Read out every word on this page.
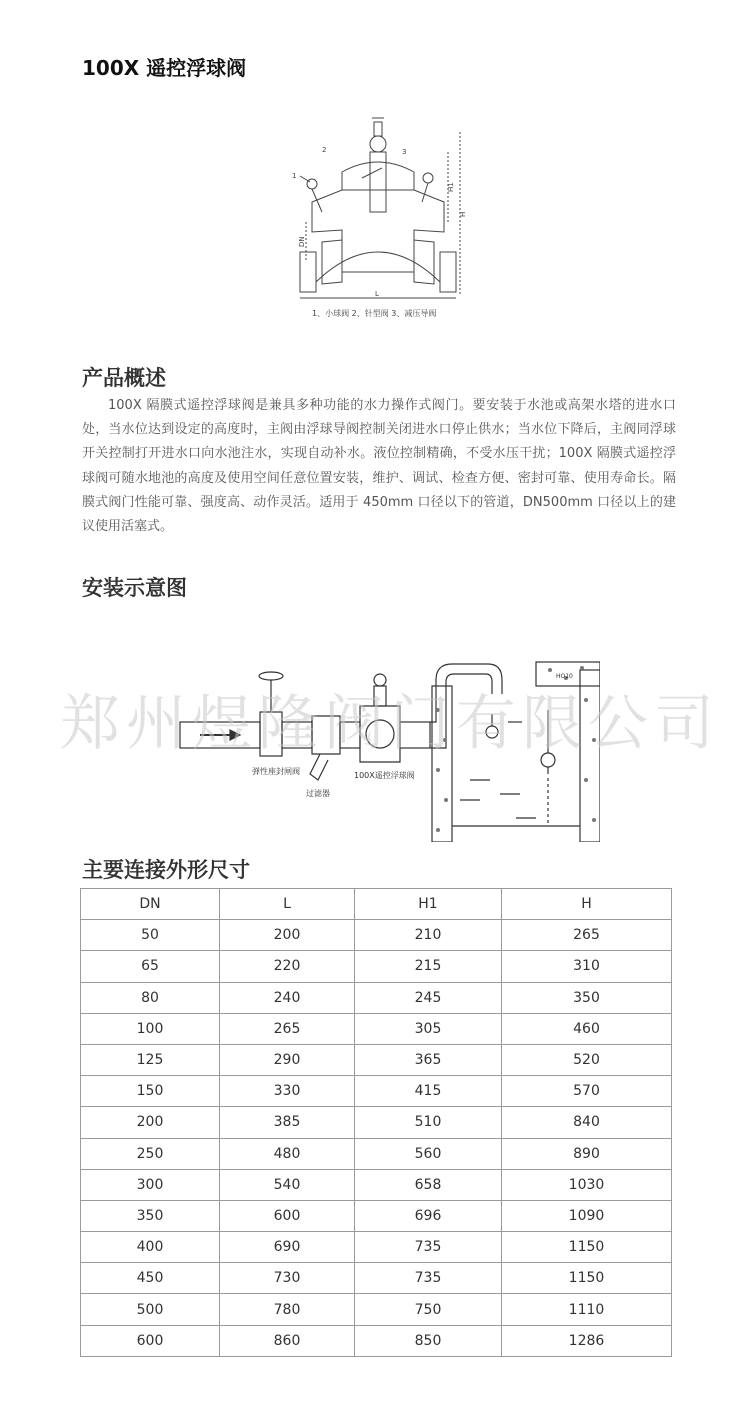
100X 遥控浮球阀
H1
H
L
DN
1
2	3
1、小球阀 2、针型阀 3、减压导阀
产品概述

100X 隔膜式遥控浮球阀是兼具多种功能的水力操作式阀门。要安装于水池或高架水塔的进水口处，当水位达到设定的高度时，主阀由浮球导阀控制关闭进水口停止供水；当水位下降后，主阀同浮球开关控制打开进水口向水池注水，实现自动补水。液位控制精确，不受水压干扰；100X 隔膜式遥控浮球阀可随水地池的高度及使用空间任意位置安装，维护、调试、检查方便、密封可靠、使用寿命长。隔膜式阀门性能可靠、强度高、动作灵活。适用于 450mm 口径以下的管道，DN500mm 口径以上的建议使用活塞式。

安装示意图
弹性座封闸阀
过滤器
100X遥控浮球阀
HO10
郑州煜隆阀门有限公司
主要连接外形尺寸
DN	L	H1	H
50	200	210	265
65	220	215	310
80	240	245	350
100	265	305	460
125	290	365	520
150	330	415	570
200	385	510	840
250	480	560	890
300	540	658	1030
350	600	696	1090
400	690	735	1150
450	730	735	1150
500	780	750	1110
600	860	850	1286
